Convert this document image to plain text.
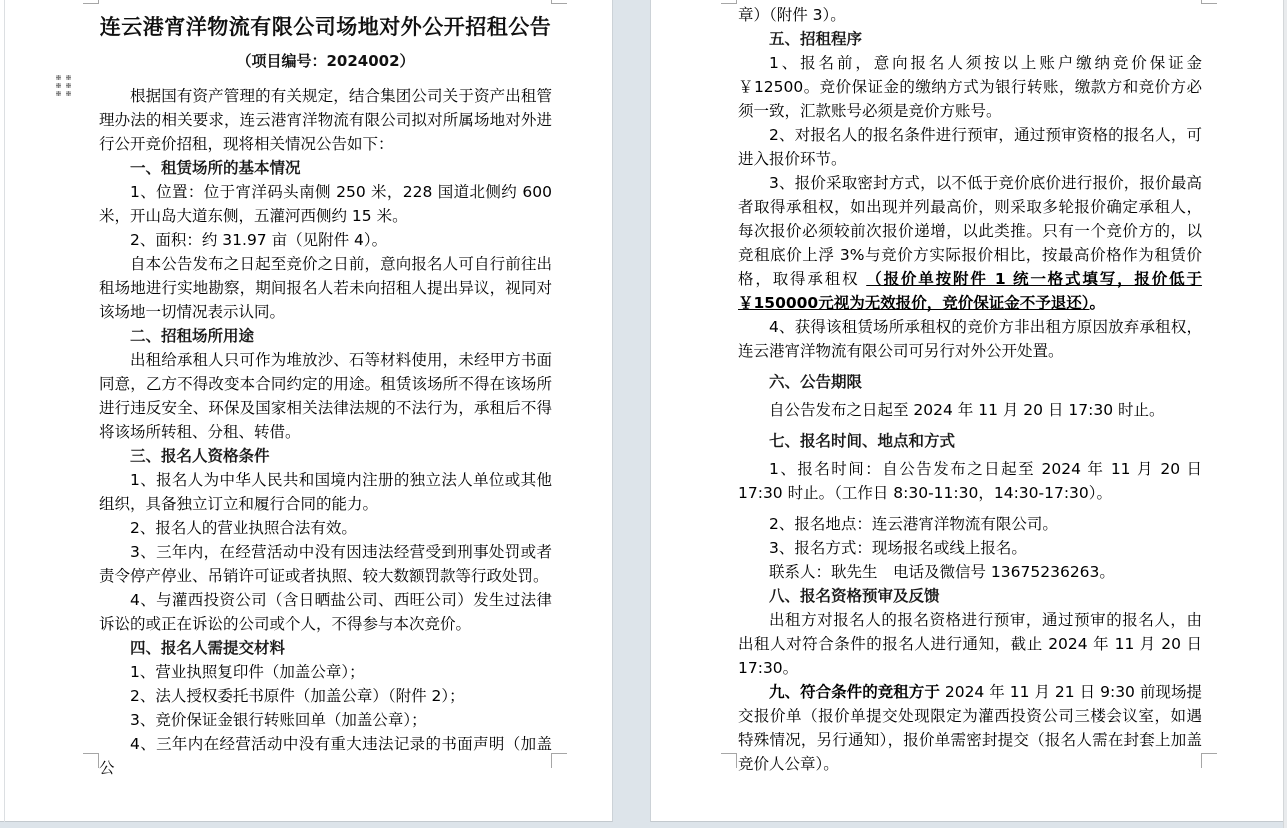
连云港宵洋物流有限公司场地对外公开招租公告
（项目编号：2024002）
根据国有资产管理的有关规定，结合集团公司关于资产出租管理办法的相关要求，连云港宵洋物流有限公司拟对所属场地对外进行公开竞价招租，现将相关情况公告如下：
一、租赁场所的基本情况
1、位置：位于宵洋码头南侧 250 米，228 国道北侧约 600 米，开山岛大道东侧，五灌河西侧约 15 米。
2、面积：约 31.97 亩（见附件 4）。
自本公告发布之日起至竞价之日前，意向报名人可自行前往出租场地进行实地勘察，期间报名人若未向招租人提出异议，视同对该场地一切情况表示认同。
二、招租场所用途
出租给承租人只可作为堆放沙、石等材料使用，未经甲方书面同意，乙方不得改变本合同约定的用途。租赁该场所不得在该场所进行违反安全、环保及国家相关法律法规的不法行为，承租后不得将该场所转租、分租、转借。
三、报名人资格条件
1、报名人为中华人民共和国境内注册的独立法人单位或其他组织，具备独立订立和履行合同的能力。
2、报名人的营业执照合法有效。
3、三年内，在经营活动中没有因违法经营受到刑事处罚或者责令停产停业、吊销许可证或者执照、较大数额罚款等行政处罚。
4、与灌西投资公司（含日晒盐公司、西旺公司）发生过法律诉讼的或正在诉讼的公司或个人，不得参与本次竞价。
四、报名人需提交材料
1、营业执照复印件（加盖公章）；
2、法人授权委托书原件（加盖公章）（附件 2）；
3、竞价保证金银行转账回单（加盖公章）；
4、三年内在经营活动中没有重大违法记录的书面声明（加盖公
章）（附件 3）。
五、招租程序
1、报名前，意向报名人须按以上账户缴纳竞价保证金￥12500。竞价保证金的缴纳方式为银行转账，缴款方和竞价方必须一致，汇款账号必须是竞价方账号。
2、对报名人的报名条件进行预审，通过预审资格的报名人，可进入报价环节。
3、报价采取密封方式，以不低于竞价底价进行报价，报价最高者取得承租权，如出现并列最高价，则采取多轮报价确定承租人，每次报价必须较前次报价递增，以此类推。只有一个竞价方的，以竞租底价上浮 3%与竞价方实际报价相比，按最高价格作为租赁价格，取得承租权 （报价单按附件 1 统一格式填写，报价低于￥150000元视为无效报价，竞价保证金不予退还）。
4、获得该租赁场所承租权的竞价方非出租方原因放弃承租权，连云港宵洋物流有限公司可另行对外公开处置。
六、公告期限
自公告发布之日起至 2024 年 11 月 20 日 17:30 时止。
七、报名时间、地点和方式
1、报名时间：自公告发布之日起至 2024 年 11 月 20 日 17:30 时止。（工作日 8:30-11:30，14:30-17:30）。
2、报名地点：连云港宵洋物流有限公司。
3、报名方式：现场报名或线上报名。
联系人：耿先生　电话及微信号 13675236263。
八、报名资格预审及反馈
出租方对报名人的报名资格进行预审，通过预审的报名人，由出租人对符合条件的报名人进行通知，截止 2024 年 11 月 20 日 17:30。
九、符合条件的竞租方于 2024 年 11 月 21 日 9:30 前现场提交报价单（报价单提交处现限定为灌西投资公司三楼会议室，如遇特殊情况，另行通知），报价单需密封提交（报名人需在封套上加盖竞价人公章）。
